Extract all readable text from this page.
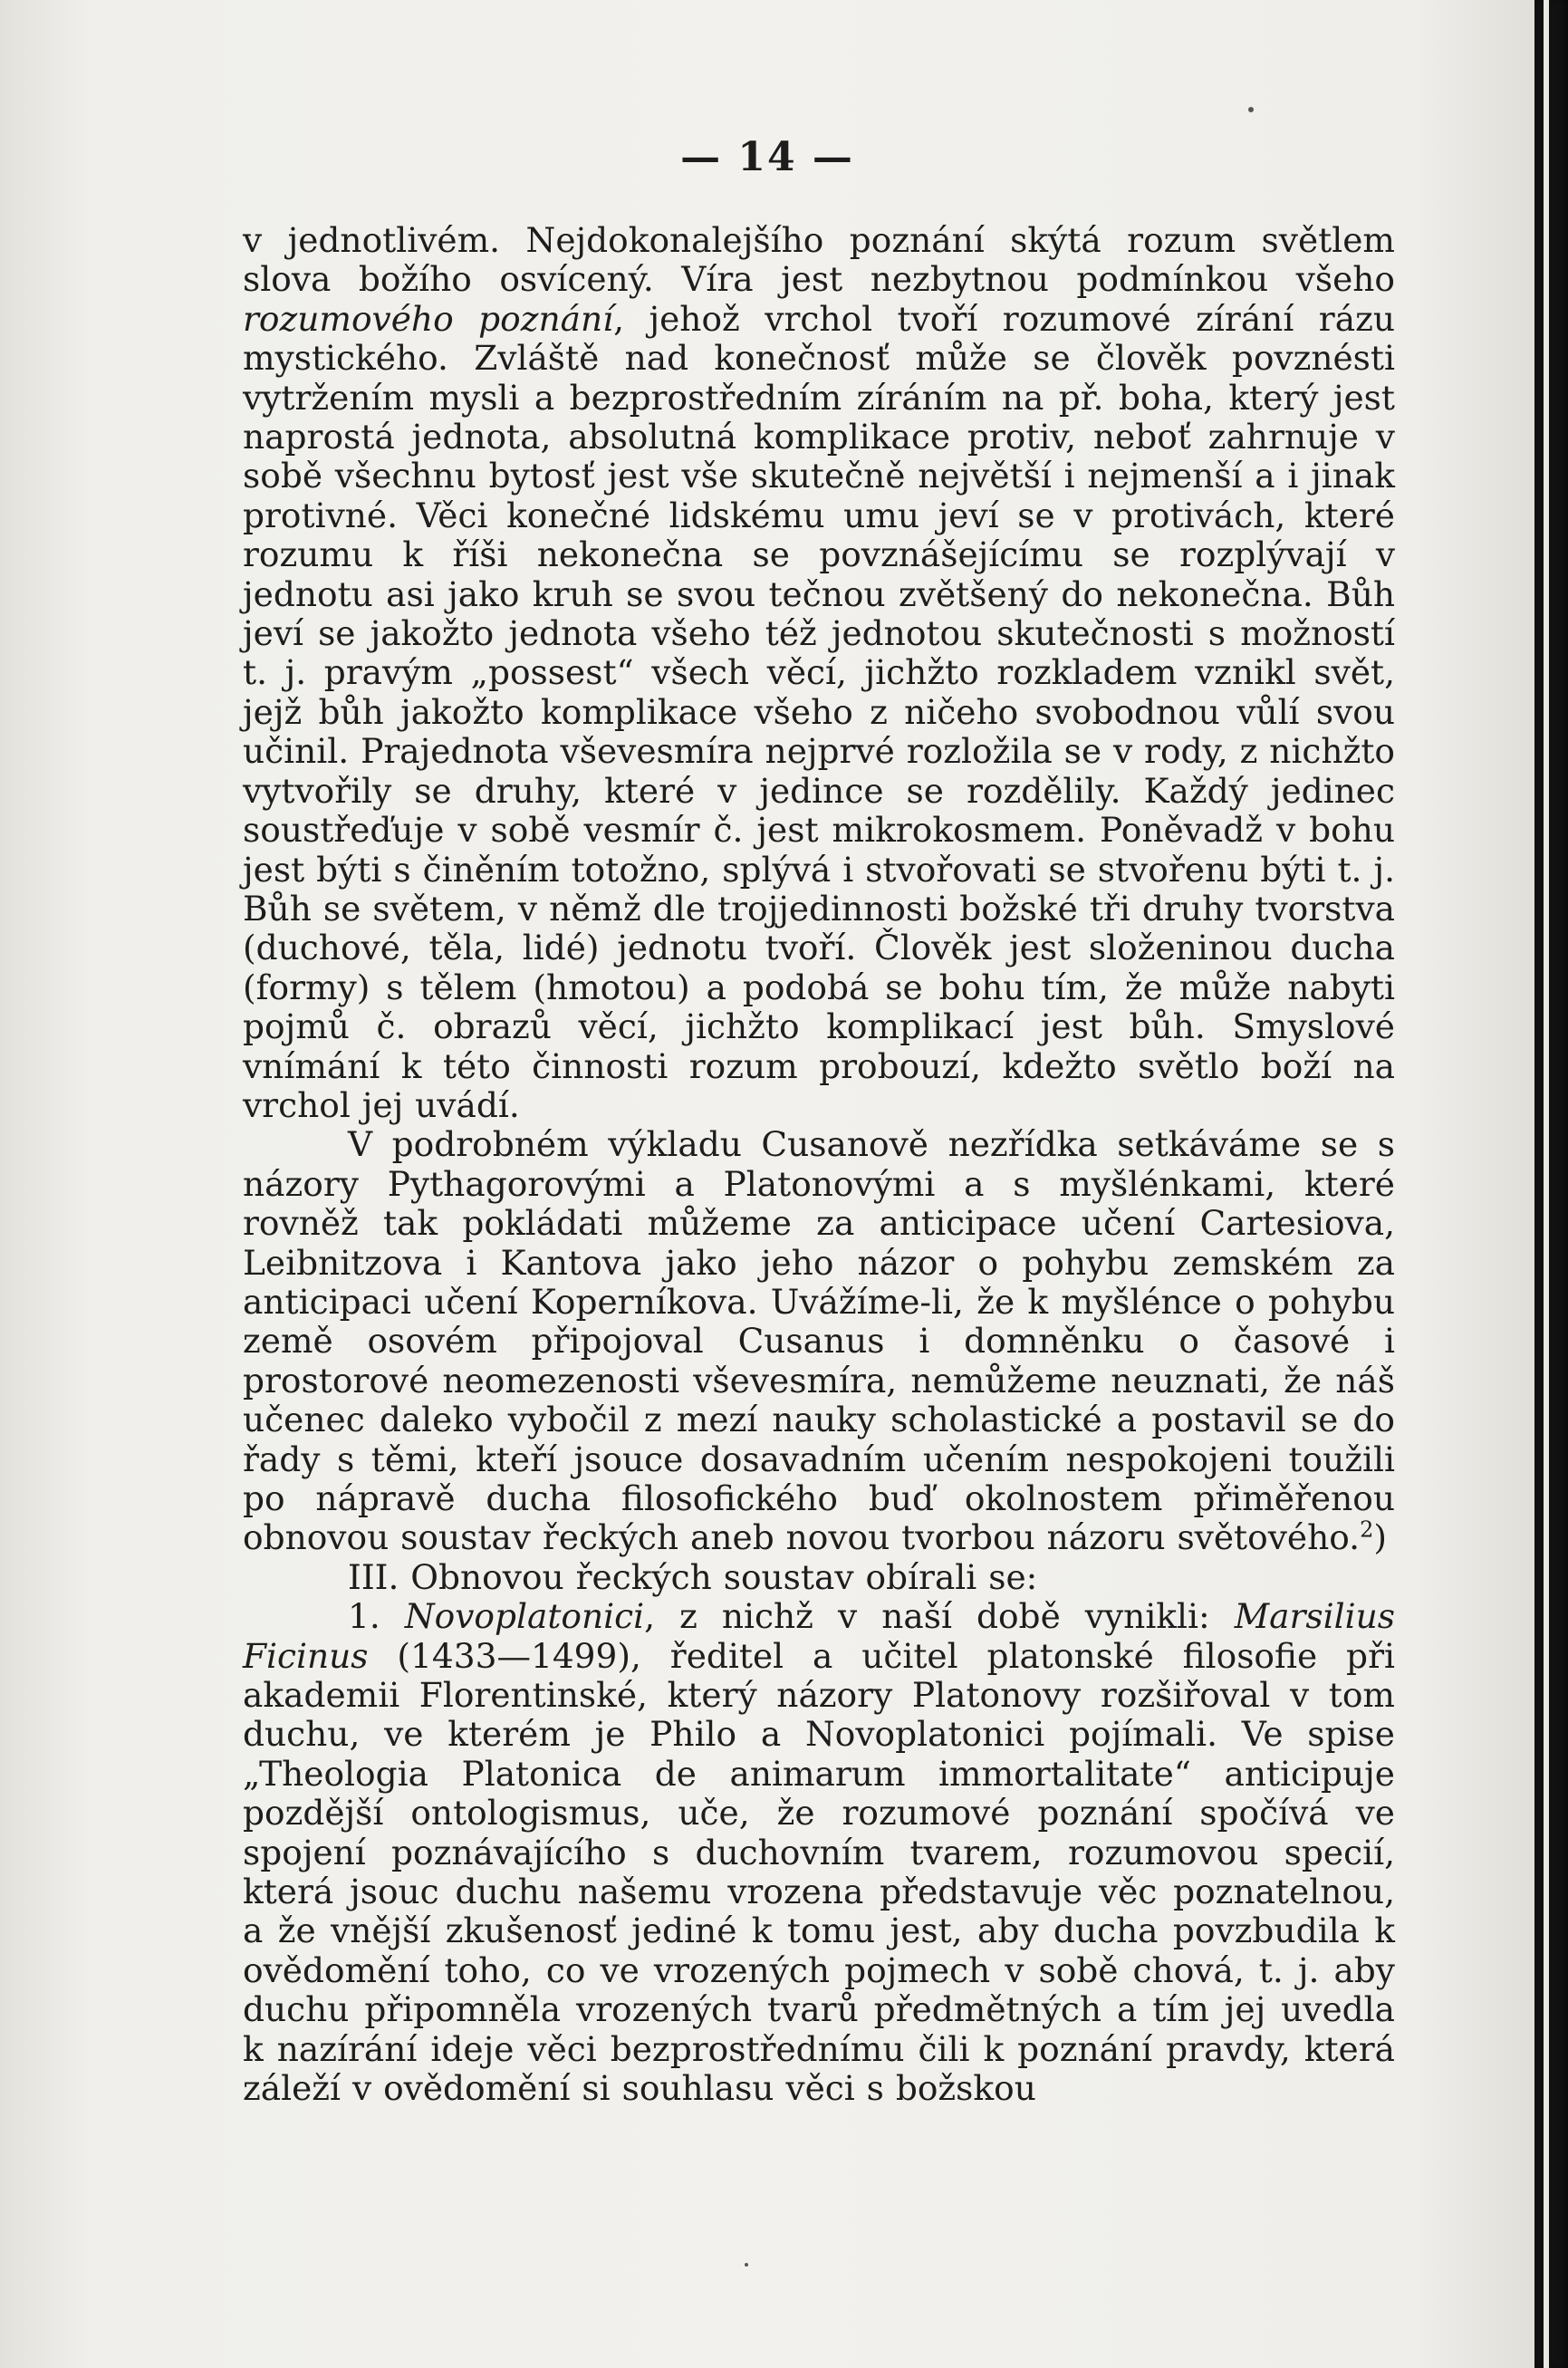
— 14 —

v jednotlivém. Nejdokonalejšího poznání skýtá rozum světlem slova božího osvícený. Víra jest nezbytnou podmínkou všeho rozumového poznání, jehož vrchol tvoří rozumové zírání rázu mystického. Zvláště nad konečnosť může se člověk povznésti vytržením mysli a bezprostředním zíráním na př. boha, který jest naprostá jednota, absolutná komplikace protiv, neboť zahrnuje v sobě všechnu bytosť jest vše skutečně největší i nejmenší a i jinak protivné. Věci konečné lidskému umu jeví se v protivách, které rozumu k říši nekonečna se povznášejícímu se rozplývají v jednotu asi jako kruh se svou tečnou zvětšený do nekonečna. Bůh jeví se jakožto jednota všeho též jednotou skutečnosti s možností t. j. pravým „possest“ všech věcí, jichžto rozkladem vznikl svět, jejž bůh jakožto komplikace všeho z ničeho svobodnou vůlí svou učinil. Prajednota vševesmíra nejprvé rozložila se v rody, z nichžto vytvořily se druhy, které v jedince se rozdělily. Každý jedinec soustřeďuje v sobě vesmír č. jest mikrokosmem. Poněvadž v bohu jest býti s činěním totožno, splývá i stvořovati se stvořenu býti t. j. Bůh se světem, v němž dle trojjedinnosti božské tři druhy tvorstva (duchové, těla, lidé) jednotu tvoří. Člověk jest složeninou ducha (formy) s tělem (hmotou) a podobá se bohu tím, že může nabyti pojmů č. obrazů věcí, jichžto komplikací jest bůh. Smyslové vnímání k této činnosti rozum probouzí, kdežto světlo boží na vrchol jej uvádí.

V podrobném výkladu Cusanově nezřídka setkáváme se s názory Pythagorovými a Platonovými a s myšlénkami, které rovněž tak pokládati můžeme za anticipace učení Cartesiova, Leibnitzova i Kantova jako jeho názor o pohybu zemském za anticipaci učení Koperníkova. Uvážíme-li, že k myšlénce o pohybu země osovém připojoval Cusanus i domněnku o časové i prostorové neomezenosti vševesmíra, nemůžeme neuznati, že náš učenec daleko vybočil z mezí nauky scholastické a postavil se do řady s těmi, kteří jsouce dosavadním učením nespokojeni toužili po nápravě ducha filosofického buď okolnostem přiměřenou obnovou soustav řeckých aneb novou tvorbou názoru světového.$^2$)

III. Obnovou řeckých soustav obírali se:

1. Novoplatonici, z nichž v naší době vynikli: Marsilius Ficinus (1433—1499), ředitel a učitel platonské filosofie při akademii Florentinské, který názory Platonovy rozšiřoval v tom duchu, ve kterém je Philo a Novoplatonici pojímali. Ve spise „Theologia Platonica de animarum immortalitate“ anticipuje pozdější ontologismus, uče, že rozumové poznání spočívá ve spojení poznávajícího s duchovním tvarem, rozumovou specií, která jsouc duchu našemu vrozena představuje věc poznatelnou, a že vnější zkušenosť jediné k tomu jest, aby ducha povzbudila k ovědomění toho, co ve vrozených pojmech v sobě chová, t. j. aby duchu připomněla vrozených tvarů předmětných a tím jej uvedla k nazírání ideje věci bezprostřednímu čili k poznání pravdy, která záleží v ovědomění si souhlasu věci s božskou
